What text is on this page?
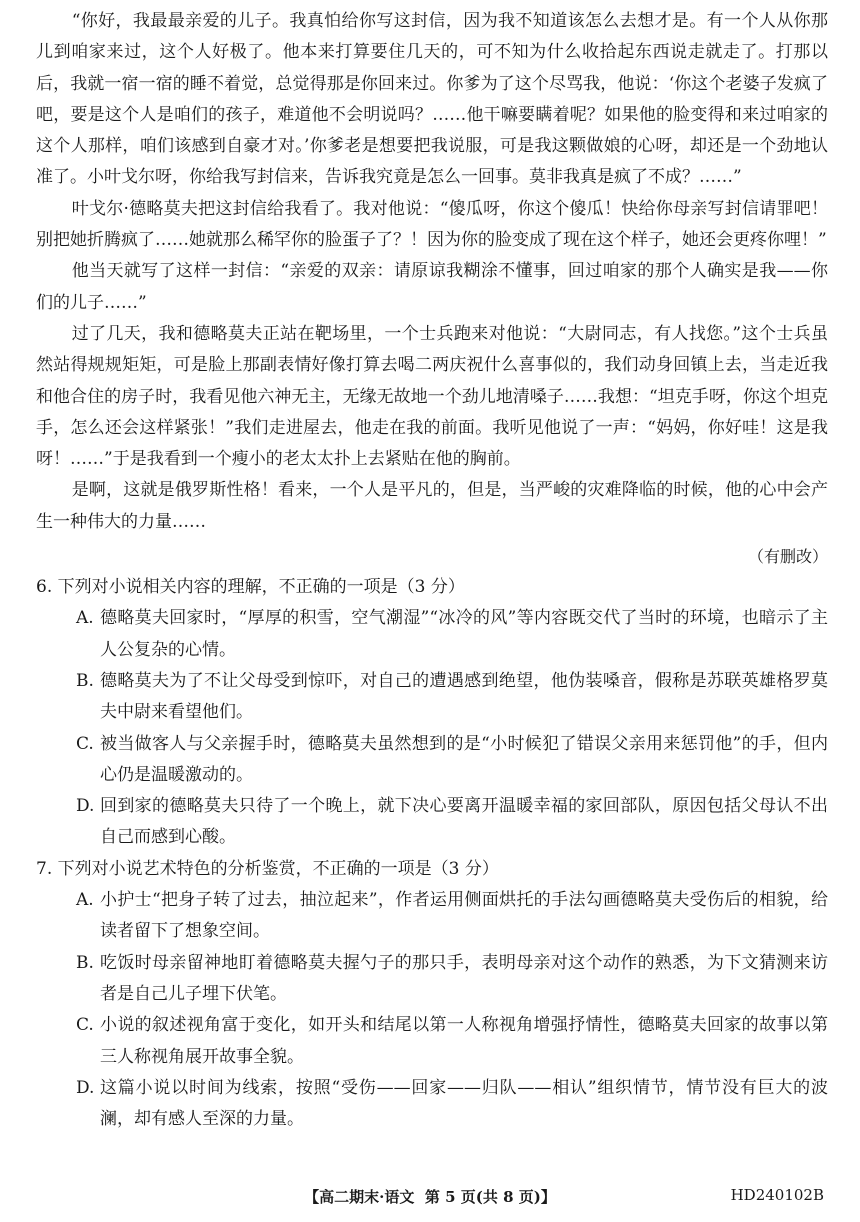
“你好，我最最亲爱的儿子。我真怕给你写这封信，因为我不知道该怎么去想才是。有一个人从你那儿到咱家来过，这个人好极了。他本来打算要住几天的，可不知为什么收拾起东西说走就走了。打那以后，我就一宿一宿的睡不着觉，总觉得那是你回来过。你爹为了这个尽骂我，他说：‘你这个老婆子发疯了吧，要是这个人是咱们的孩子，难道他不会明说吗？……他干嘛要瞒着呢？如果他的脸变得和来过咱家的这个人那样，咱们该感到自豪才对。’你爹老是想要把我说服，可是我这颗做娘的心呀，却还是一个劲地认准了。小叶戈尔呀，你给我写封信来，告诉我究竟是怎么一回事。莫非我真是疯了不成？……”

叶戈尔·德略莫夫把这封信给我看了。我对他说：“傻瓜呀，你这个傻瓜！快给你母亲写封信请罪吧！别把她折腾疯了……她就那么稀罕你的脸蛋子了？！因为你的脸变成了现在这个样子，她还会更疼你哩！”

他当天就写了这样一封信：“亲爱的双亲：请原谅我糊涂不懂事，回过咱家的那个人确实是我——你们的儿子……”

过了几天，我和德略莫夫正站在靶场里，一个士兵跑来对他说：“大尉同志，有人找您。”这个士兵虽然站得规规矩矩，可是脸上那副表情好像打算去喝二两庆祝什么喜事似的，我们动身回镇上去，当走近我和他合住的房子时，我看见他六神无主，无缘无故地一个劲儿地清嗓子……我想：“坦克手呀，你这个坦克手，怎么还会这样紧张！”我们走进屋去，他走在我的前面。我听见他说了一声：“妈妈，你好哇！这是我呀！……”于是我看到一个瘦小的老太太扑上去紧贴在他的胸前。

是啊，这就是俄罗斯性格！看来，一个人是平凡的，但是，当严峻的灾难降临的时候，他的心中会产生一种伟大的力量……

（有删改）

6. 下列对小说相关内容的理解，不正确的一项是（3 分）

A. 德略莫夫回家时，“厚厚的积雪，空气潮湿”“冰冷的风”等内容既交代了当时的环境，也暗示了主人公复杂的心情。
B. 德略莫夫为了不让父母受到惊吓，对自己的遭遇感到绝望，他伪装嗓音，假称是苏联英雄格罗莫夫中尉来看望他们。
C. 被当做客人与父亲握手时，德略莫夫虽然想到的是“小时候犯了错误父亲用来惩罚他”的手，但内心仍是温暖激动的。
D. 回到家的德略莫夫只待了一个晚上，就下决心要离开温暖幸福的家回部队，原因包括父母认不出自己而感到心酸。

7. 下列对小说艺术特色的分析鉴赏，不正确的一项是（3 分）

A. 小护士“把身子转了过去，抽泣起来”，作者运用侧面烘托的手法勾画德略莫夫受伤后的相貌，给读者留下了想象空间。
B. 吃饭时母亲留神地盯着德略莫夫握勺子的那只手，表明母亲对这个动作的熟悉，为下文猜测来访者是自己儿子埋下伏笔。
C. 小说的叙述视角富于变化，如开头和结尾以第一人称视角增强抒情性，德略莫夫回家的故事以第三人称视角展开故事全貌。
D. 这篇小说以时间为线索，按照“受伤——回家——归队——相认”组织情节，情节没有巨大的波澜，却有感人至深的力量。
【高二期末·语文 第 5 页(共 8 页)】	HD240102B
